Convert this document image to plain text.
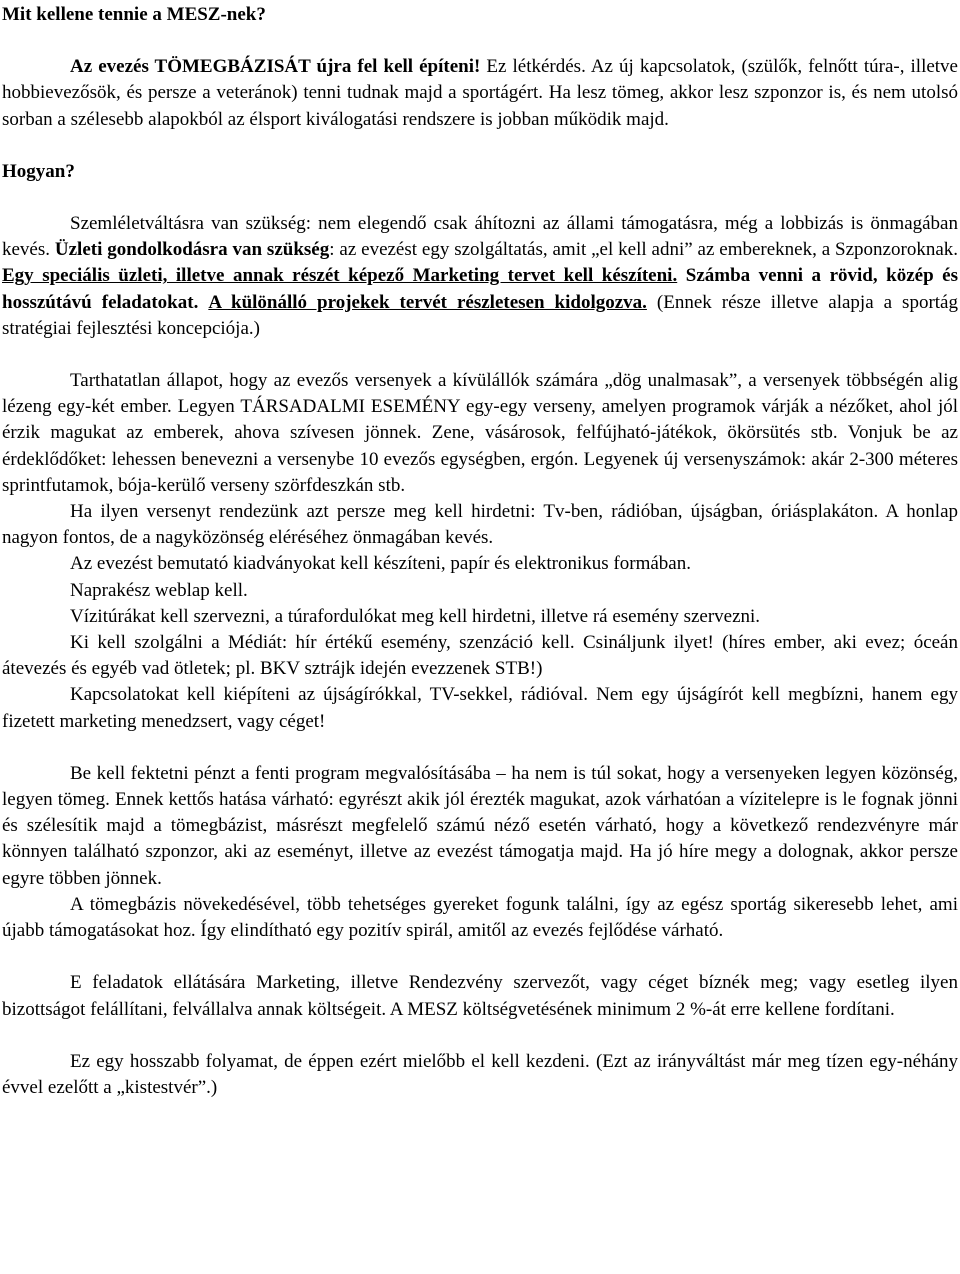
Mit kellene tennie a MESZ-nek?

Az evezés TÖMEGBÁZISÁT újra fel kell építeni! Ez létkérdés. Az új kapcsolatok, (szülők, felnőtt túra-, illetve hobbievezősök, és persze a veteránok) tenni tudnak majd a sportágért. Ha lesz tömeg, akkor lesz szponzor is, és nem utolsó sorban a szélesebb alapokból az élsport kiválogatási rendszere is jobban működik majd.

Hogyan?

Szemléletváltásra van szükség: nem elegendő csak áhítozni az állami támogatásra, még a lobbizás is önmagában kevés. Üzleti gondolkodásra van szükség: az evezést egy szolgáltatás, amit „el kell adni” az embereknek, a Szponzoroknak. Egy speciális üzleti, illetve annak részét képező Marketing tervet kell készíteni. Számba venni a rövid, közép és hosszútávú feladatokat. A különálló projekek tervét részletesen kidolgozva. (Ennek része illetve alapja a sportág stratégiai fejlesztési koncepciója.)

Tarthatatlan állapot, hogy az evezős versenyek a kívülállók számára „dög unalmasak”, a versenyek többségén alig lézeng egy-két ember. Legyen TÁRSADALMI ESEMÉNY egy-egy verseny, amelyen programok várják a nézőket, ahol jól érzik magukat az emberek, ahova szívesen jönnek. Zene, vásárosok, felfújható-játékok, ökörsütés stb. Vonjuk be az érdeklődőket: lehessen benevezni a versenybe 10 evezős egységben, ergón. Legyenek új versenyszámok: akár 2-300 méteres sprintfutamok, bója-kerülő verseny szörfdeszkán stb.

Ha ilyen versenyt rendezünk azt persze meg kell hirdetni: Tv-ben, rádióban, újságban, óriásplakáton. A honlap nagyon fontos, de a nagyközönség eléréséhez önmagában kevés.

Az evezést bemutató kiadványokat kell készíteni, papír és elektronikus formában.

Naprakész weblap kell.

Vízitúrákat kell szervezni, a túrafordulókat meg kell hirdetni, illetve rá esemény szervezni.

Ki kell szolgálni a Médiát: hír értékű esemény, szenzáció kell. Csináljunk ilyet! (híres ember, aki evez; óceán átevezés és egyéb vad ötletek; pl. BKV sztrájk idején evezzenek STB!)

Kapcsolatokat kell kiépíteni az újságírókkal, TV-sekkel, rádióval. Nem egy újságírót kell megbízni, hanem egy fizetett marketing menedzsert, vagy céget!

Be kell fektetni pénzt a fenti program megvalósításába – ha nem is túl sokat, hogy a versenyeken legyen közönség, legyen tömeg. Ennek kettős hatása várható: egyrészt akik jól érezték magukat, azok várhatóan a vízitelepre is le fognak jönni és szélesítik majd a tömegbázist, másrészt megfelelő számú néző esetén várható, hogy a következő rendezvényre már könnyen található szponzor, aki az eseményt, illetve az evezést támogatja majd. Ha jó híre megy a dolognak, akkor persze egyre többen jönnek.

A tömegbázis növekedésével, több tehetséges gyereket fogunk találni, így az egész sportág sikeresebb lehet, ami újabb támogatásokat hoz. Így elindítható egy pozitív spirál, amitől az evezés fejlődése várható.

E feladatok ellátására Marketing, illetve Rendezvény szervezőt, vagy céget bíznék meg; vagy esetleg ilyen bizottságot felállítani, felvállalva annak költségeit. A MESZ költségvetésének minimum 2 %-át erre kellene fordítani.

Ez egy hosszabb folyamat, de éppen ezért mielőbb el kell kezdeni. (Ezt az irányváltást már meg tízen egy-néhány évvel ezelőtt a „kistestvér”.)
